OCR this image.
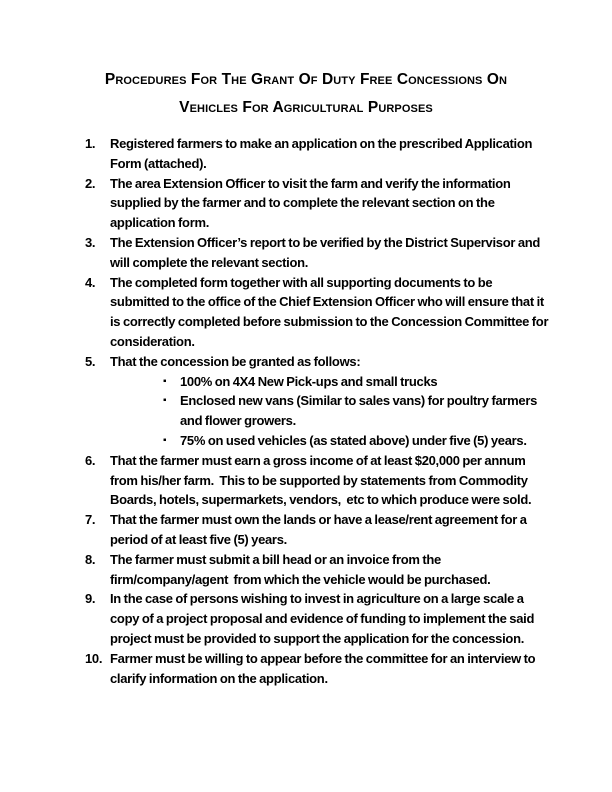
Procedures For The Grant Of Duty Free Concessions On
Vehicles For Agricultural Purposes
1.	Registered farmers to make an application on the prescribed Application
Form (attached).
2.	The area Extension Officer to visit the farm and verify the information
supplied by the farmer and to complete the relevant section on the
application form.
3.	The Extension Officer’s report to be verified by the District Supervisor and
will complete the relevant section.
4.	The completed form together with all supporting documents to be
submitted to the office of the Chief Extension Officer who will ensure that it
is correctly completed before submission to the Concession Committee for
consideration.
5.	That the concession be granted as follows:
▪	100% on 4X4 New Pick-ups and small trucks
▪	Enclosed new vans (Similar to sales vans) for poultry farmers
and flower growers.
▪	75% on used vehicles (as stated above) under five (5) years.
6.	That the farmer must earn a gross income of at least $20,000 per annum
from his/her farm.  This to be supported by statements from Commodity
Boards, hotels, supermarkets, vendors,  etc to which produce were sold.
7.	That the farmer must own the lands or have a lease/rent agreement for a
period of at least five (5) years.
8.	The farmer must submit a bill head or an invoice from the
firm/company/agent  from which the vehicle would be purchased.
9.	In the case of persons wishing to invest in agriculture on a large scale a
copy of a project proposal and evidence of funding to implement the said
project must be provided to support the application for the concession.
10. Farmer must be willing to appear before the committee for an interview to
clarify information on the application.
